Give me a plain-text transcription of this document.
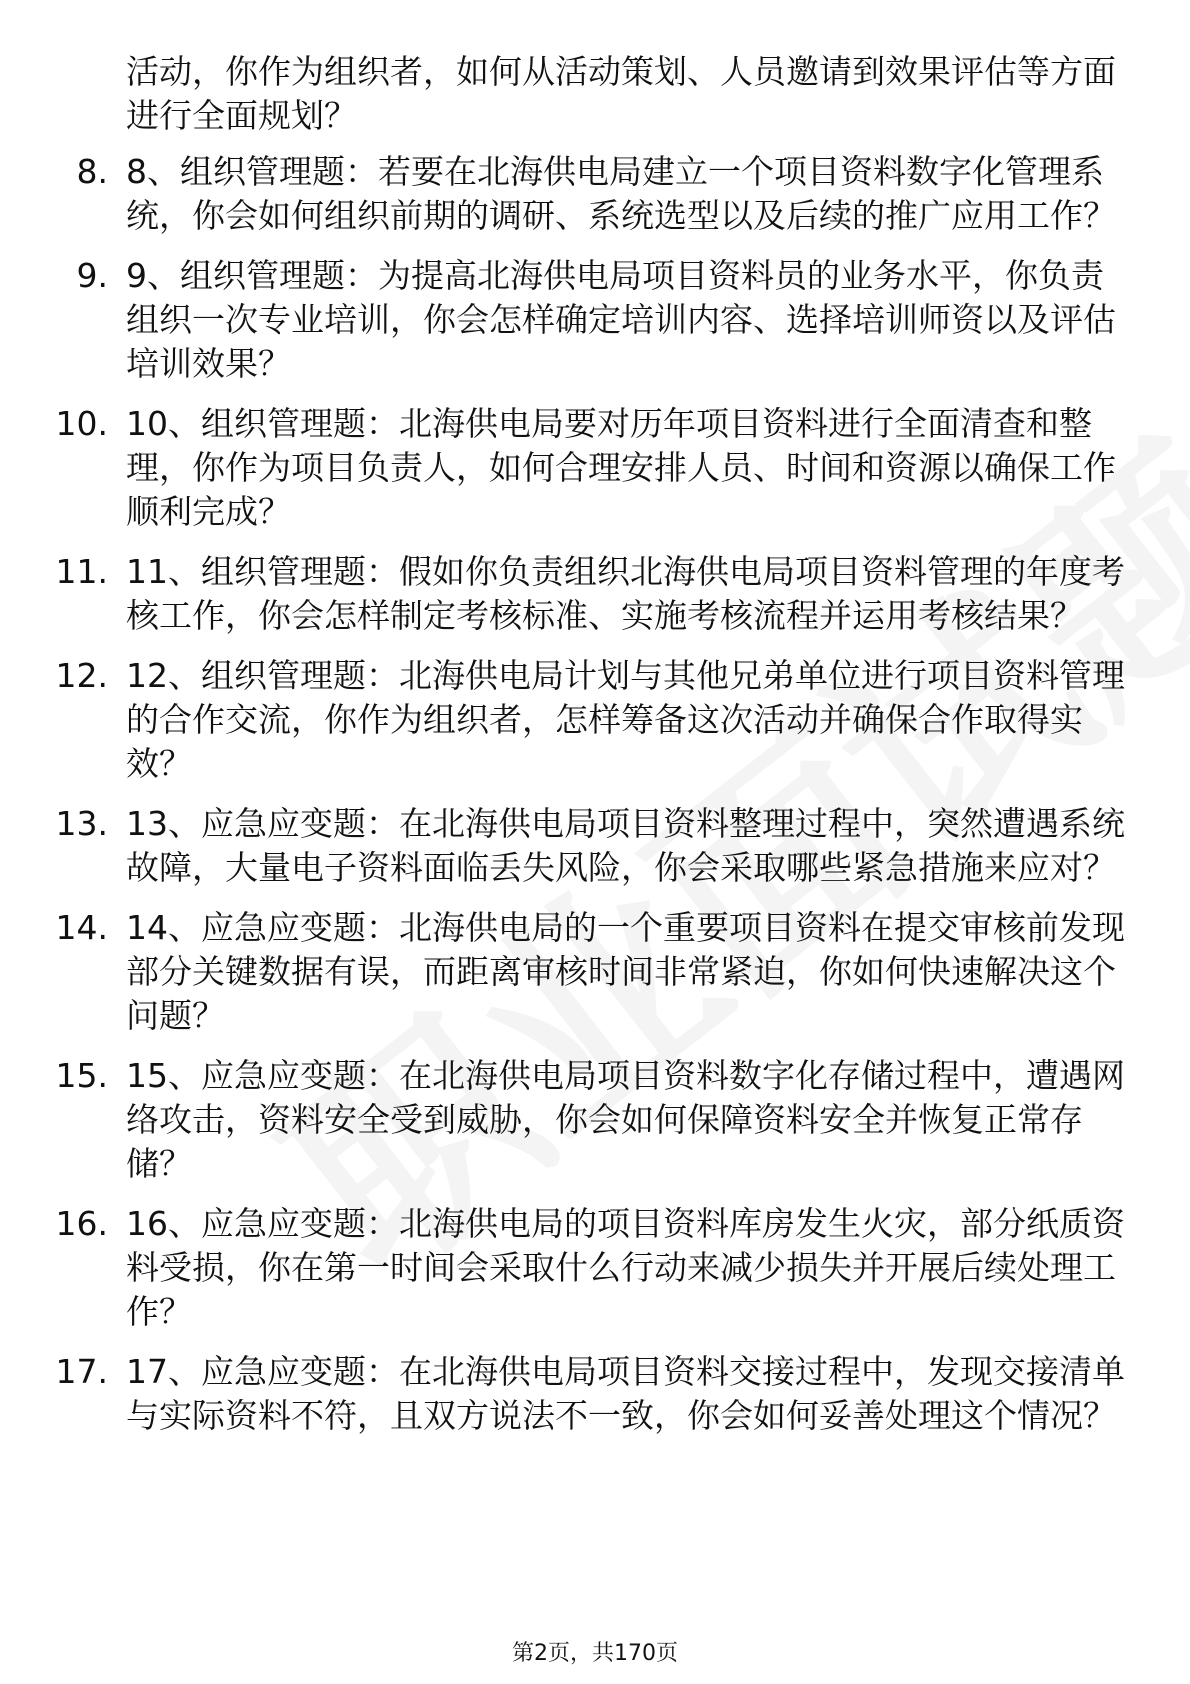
活动，你作为组织者，如何从活动策划、人员邀请到效果评估等方面进行全面规划？

8. 8、组织管理题：若要在北海供电局建立一个项目资料数字化管理系统，你会如何组织前期的调研、系统选型以及后续的推广应用工作？
9. 9、组织管理题：为提高北海供电局项目资料员的业务水平，你负责组织一次专业培训，你会怎样确定培训内容、选择培训师资以及评估培训效果？
10. 10、组织管理题：北海供电局要对历年项目资料进行全面清查和整理，你作为项目负责人，如何合理安排人员、时间和资源以确保工作顺利完成？
11. 11、组织管理题：假如你负责组织北海供电局项目资料管理的年度考核工作，你会怎样制定考核标准、实施考核流程并运用考核结果？
12. 12、组织管理题：北海供电局计划与其他兄弟单位进行项目资料管理的合作交流，你作为组织者，怎样筹备这次活动并确保合作取得实效？
13. 13、应急应变题：在北海供电局项目资料整理过程中，突然遭遇系统故障，大量电子资料面临丢失风险，你会采取哪些紧急措施来应对？
14. 14、应急应变题：北海供电局的一个重要项目资料在提交审核前发现部分关键数据有误，而距离审核时间非常紧迫，你如何快速解决这个问题？
15. 15、应急应变题：在北海供电局项目资料数字化存储过程中，遭遇网络攻击，资料安全受到威胁，你会如何保障资料安全并恢复正常存储？
16. 16、应急应变题：北海供电局的项目资料库房发生火灾，部分纸质资料受损，你在第一时间会采取什么行动来减少损失并开展后续处理工作？
17. 17、应急应变题：在北海供电局项目资料交接过程中，发现交接清单与实际资料不符，且双方说法不一致，你会如何妥善处理这个情况？
第2页，共170页
